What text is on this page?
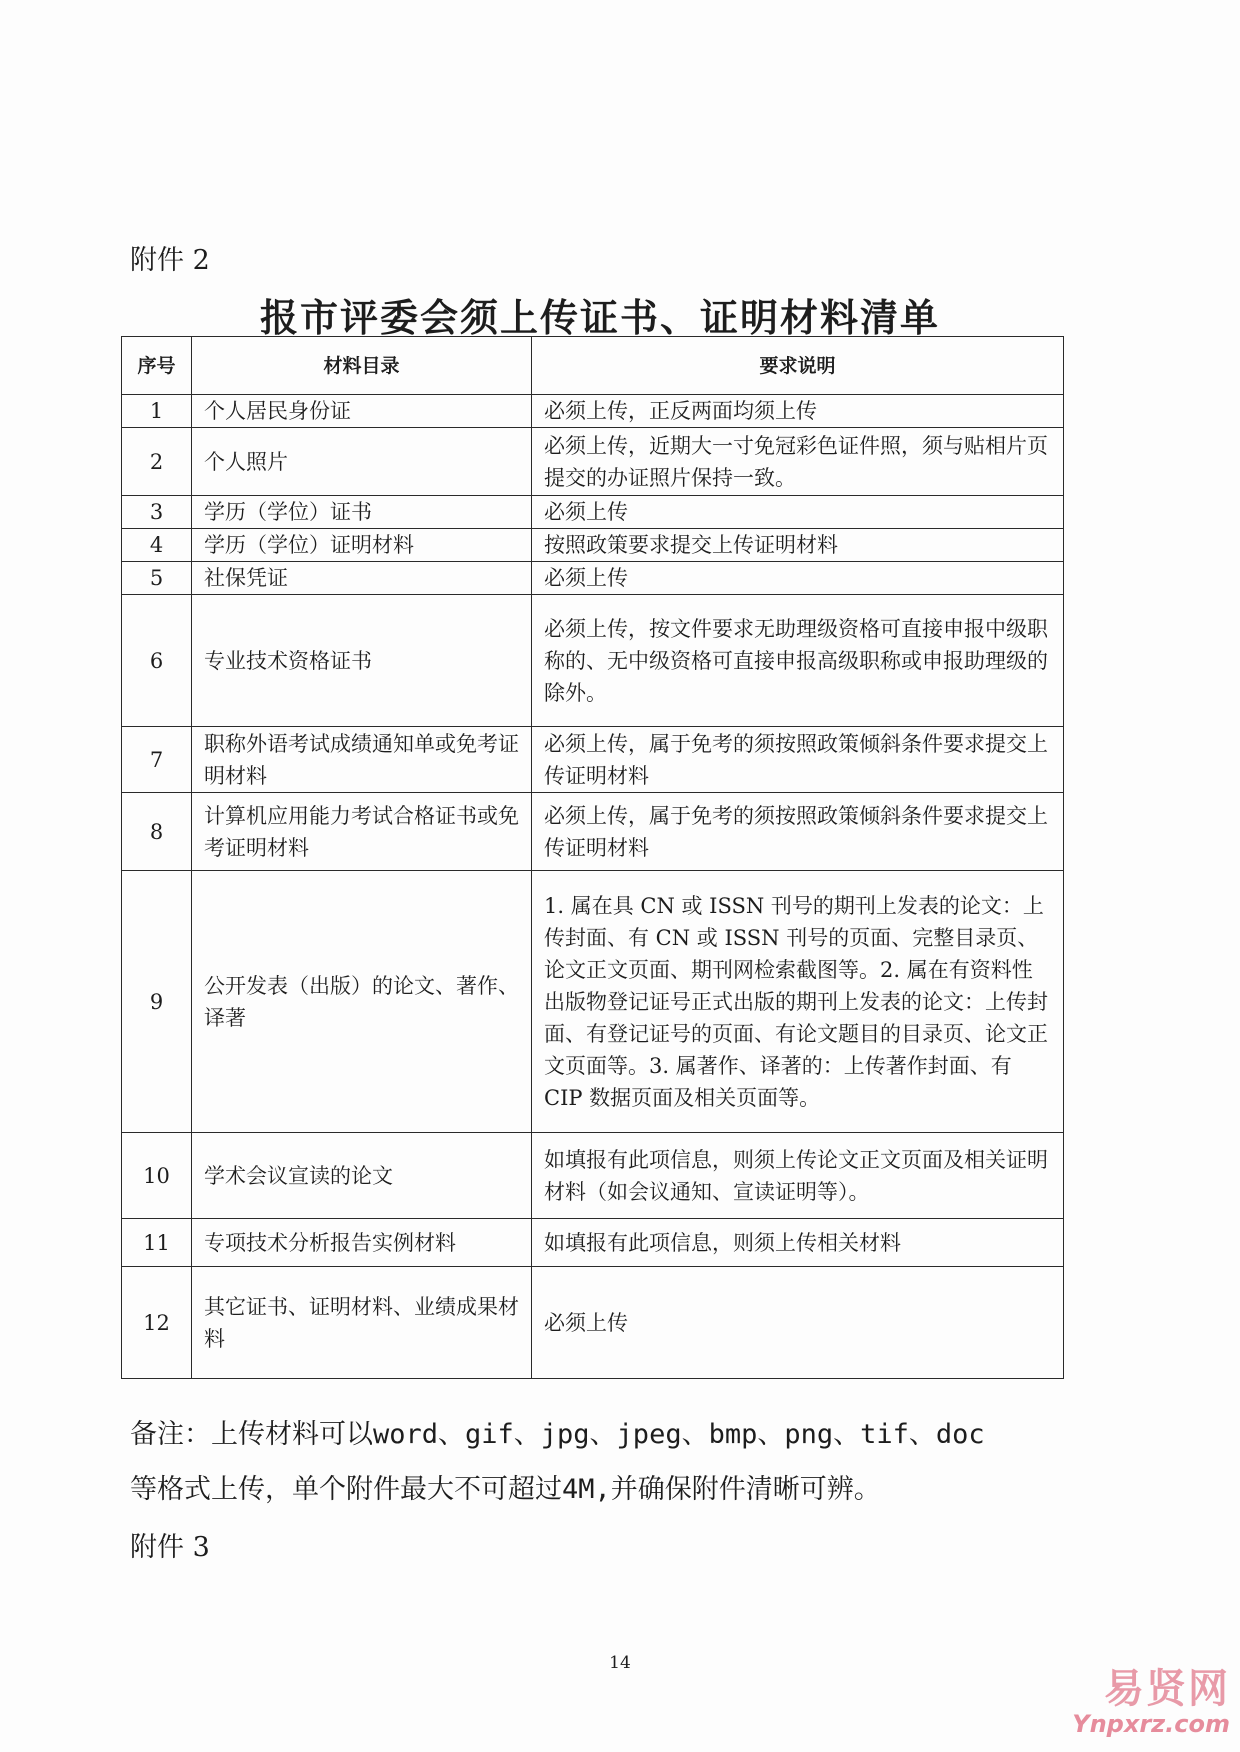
附件 2
报市评委会须上传证书、证明材料清单
序号	材料目录	要求说明
1	个人居民身份证	必须上传，正反两面均须上传
2	个人照片	必须上传，近期大一寸免冠彩色证件照，须与贴相片页提交的办证照片保持一致。
3	学历（学位）证书	必须上传
4	学历（学位）证明材料	按照政策要求提交上传证明材料
5	社保凭证	必须上传
6	专业技术资格证书	必须上传，按文件要求无助理级资格可直接申报中级职称的、无中级资格可直接申报高级职称或申报助理级的除外。
7	职称外语考试成绩通知单或免考证明材料	必须上传，属于免考的须按照政策倾斜条件要求提交上传证明材料
8	计算机应用能力考试合格证书或免考证明材料	必须上传，属于免考的须按照政策倾斜条件要求提交上传证明材料
9	公开发表（出版）的论文、著作、译著	1. 属在具 CN 或 ISSN 刊号的期刊上发表的论文：上传封面、有 CN 或 ISSN 刊号的页面、完整目录页、论文正文页面、期刊网检索截图等。2. 属在有资料性出版物登记证号正式出版的期刊上发表的论文：上传封面、有登记证号的页面、有论文题目的目录页、论文正文页面等。3. 属著作、译著的：上传著作封面、有 CIP 数据页面及相关页面等。
10	学术会议宣读的论文	如填报有此项信息，则须上传论文正文页面及相关证明材料（如会议通知、宣读证明等）。
11	专项技术分析报告实例材料	如填报有此项信息，则须上传相关材料
12	其它证书、证明材料、业绩成果材料	必须上传
备注：上传材料可以word、gif、jpg、jpeg、bmp、png、tif、doc
等格式上传，单个附件最大不可超过4M,并确保附件清晰可辨。
附件 3
14
易贤网
Ynpxrz.com
